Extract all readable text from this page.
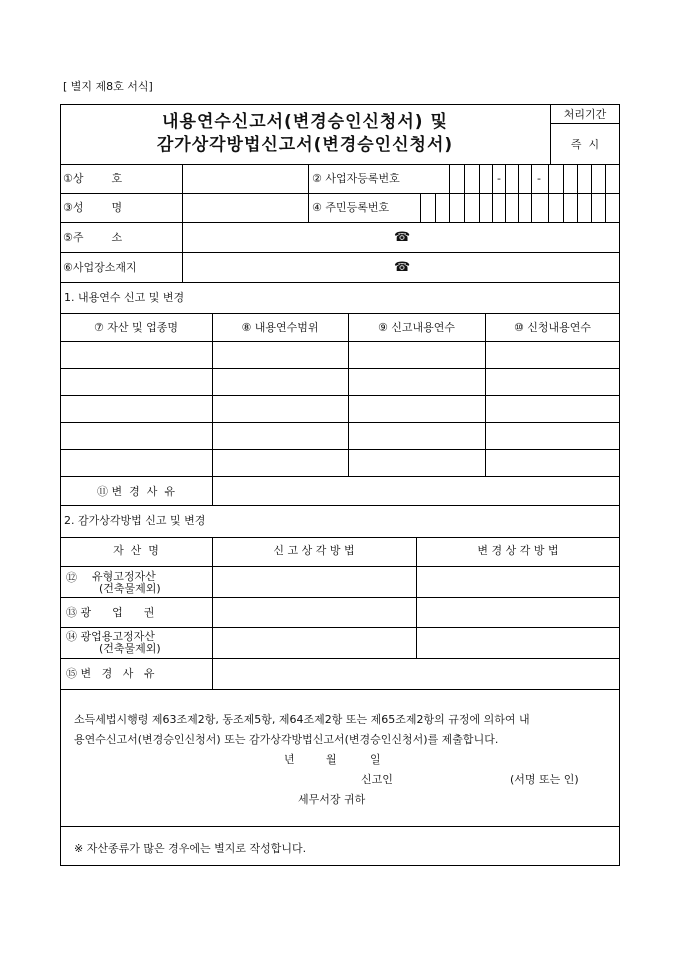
[ 별지 제8호 서식]
내용연수신고서(변경승인신청서) 및
감가상각방법신고서(변경승인신청서)
처리기간
즉  시
-	-
①상        호	② 사업자등록번호
③성        명	④ 주민등록번호
⑤주        소	☎
⑥사업장소재지	☎
1. 내용연수 신고 및 변경
⑦ 자산 및 업종명	⑧ 내용연수범위	⑨ 신고내용연수	⑩ 신청내용연수
⑪ 변  경  사  유
2. 감가상각방법 신고 및 변경
자  산  명	신 고 상 각 방 법	변 경 상 각 방 법
⑫ 유형고정자산
(건축물제외)
⑬ 광      업      권
⑭ 광업용고정자산
(건축물제외)
⑮ 변   경   사   유
소득세법시행령 제63조제2항, 동조제5항, 제64조제2항 또는 제65조제2항의 규정에 의하여 내
용연수신고서(변경승인신청서) 또는 감가상각방법신고서(변경승인신청서)를 제출합니다.
년	월	일
신고인	(서명 또는 인)
세무서장 귀하
※ 자산종류가 많은 경우에는 별지로 작성합니다.
